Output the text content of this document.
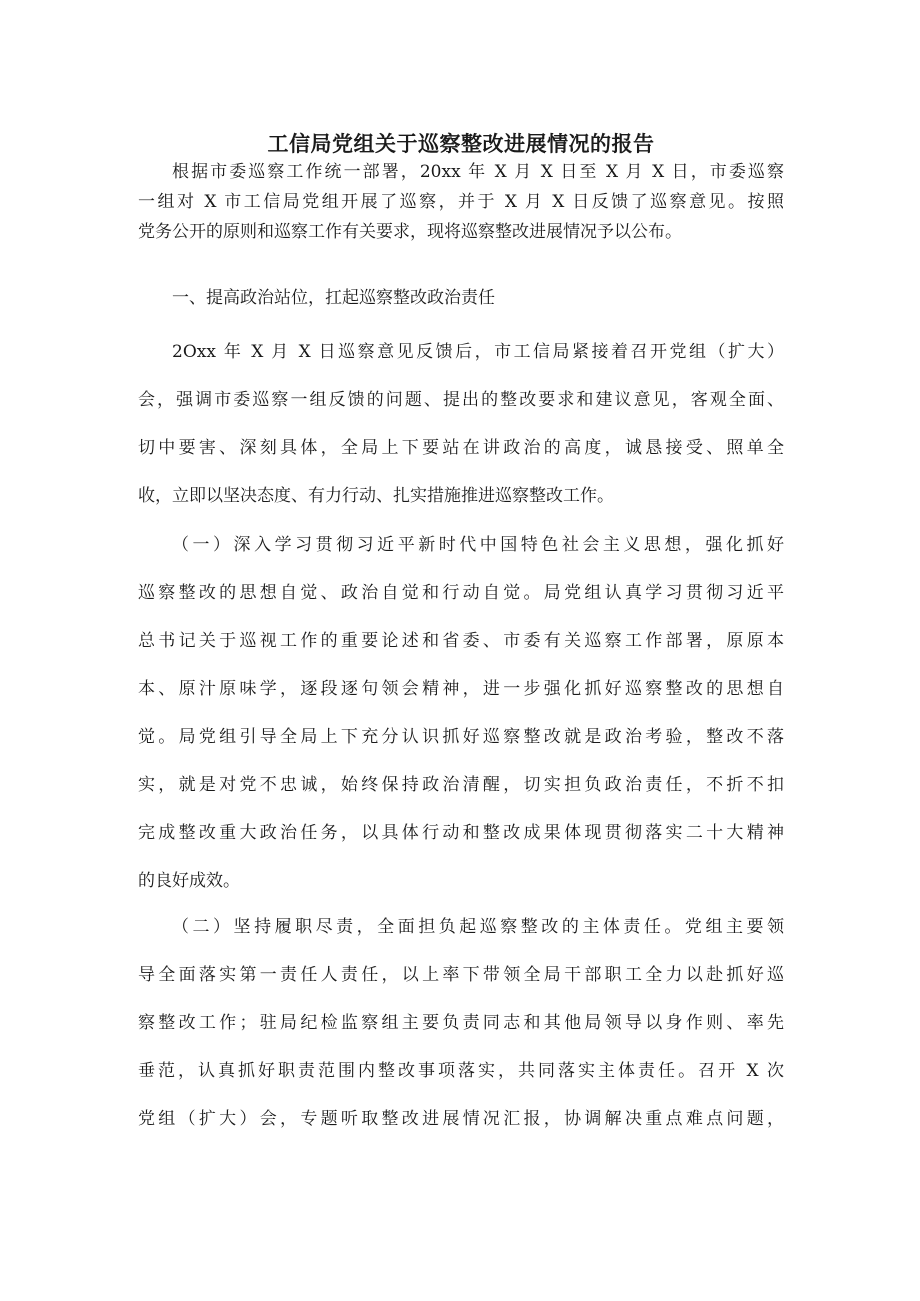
工信局党组关于巡察整改进展情况的报告
根据市委巡察工作统一部署，20xx 年 X 月 X 日至 X 月 X 日，市委巡察
一组对 X 市工信局党组开展了巡察，并于 X 月 X 日反馈了巡察意见。按照
党务公开的原则和巡察工作有关要求，现将巡察整改进展情况予以公布。
一、提高政治站位，扛起巡察整改政治责任
2Oxx 年 X 月 X 日巡察意见反馈后，市工信局紧接着召开党组（扩大）
会，强调市委巡察一组反馈的问题、提出的整改要求和建议意见，客观全面、
切中要害、深刻具体，全局上下要站在讲政治的高度，诚恳接受、照单全
收，立即以坚决态度、有力行动、扎实措施推进巡察整改工作。
（一）深入学习贯彻习近平新时代中国特色社会主义思想，强化抓好
巡察整改的思想自觉、政治自觉和行动自觉。局党组认真学习贯彻习近平
总书记关于巡视工作的重要论述和省委、市委有关巡察工作部署，原原本
本、原汁原味学，逐段逐句领会精神，进一步强化抓好巡察整改的思想自
觉。局党组引导全局上下充分认识抓好巡察整改就是政治考验，整改不落
实，就是对党不忠诚，始终保持政治清醒，切实担负政治责任，不折不扣
完成整改重大政治任务，以具体行动和整改成果体现贯彻落实二十大精神
的良好成效。
（二）坚持履职尽责，全面担负起巡察整改的主体责任。党组主要领
导全面落实第一责任人责任，以上率下带领全局干部职工全力以赴抓好巡
察整改工作；驻局纪检监察组主要负责同志和其他局领导以身作则、率先
垂范，认真抓好职责范围内整改事项落实，共同落实主体责任。召开 X 次
党组（扩大）会，专题听取整改进展情况汇报，协调解决重点难点问题，
